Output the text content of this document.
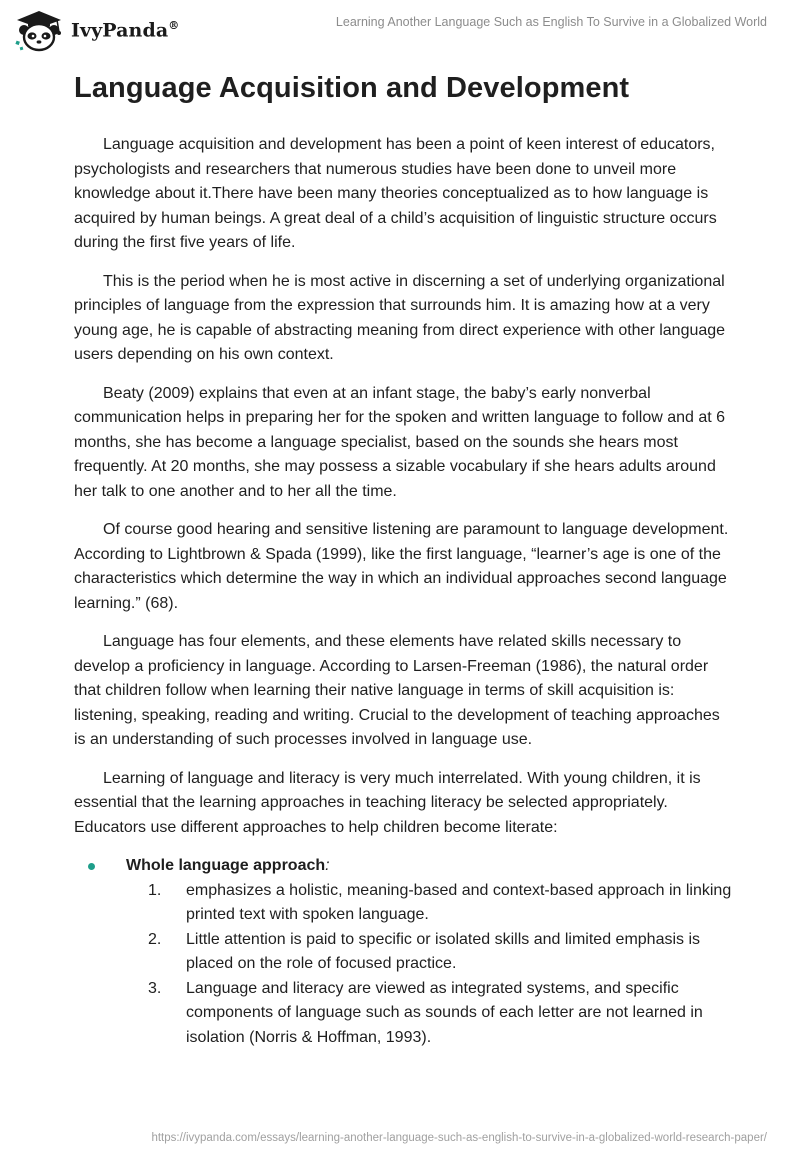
IvyPanda®	Learning Another Language Such as English To Survive in a Globalized World
Language Acquisition and Development

Language acquisition and development has been a point of keen interest of educators, psychologists and researchers that numerous studies have been done to unveil more knowledge about it.There have been many theories conceptualized as to how language is acquired by human beings. A great deal of a child’s acquisition of linguistic structure occurs during the first five years of life.

This is the period when he is most active in discerning a set of underlying organizational principles of language from the expression that surrounds him. It is amazing how at a very young age, he is capable of abstracting meaning from direct experience with other language users depending on his own context.

Beaty (2009) explains that even at an infant stage, the baby’s early nonverbal communication helps in preparing her for the spoken and written language to follow and at 6 months, she has become a language specialist, based on the sounds she hears most frequently. At 20 months, she may possess a sizable vocabulary if she hears adults around her talk to one another and to her all the time.

Of course good hearing and sensitive listening are paramount to language development. According to Lightbrown & Spada (1999), like the first language, “learner’s age is one of the characteristics which determine the way in which an individual approaches second language learning.” (68).

Language has four elements, and these elements have related skills necessary to develop a proficiency in language. According to Larsen-Freeman (1986), the natural order that children follow when learning their native language in terms of skill acquisition is: listening, speaking, reading and writing. Crucial to the development of teaching approaches is an understanding of such processes involved in language use.

Learning of language and literacy is very much interrelated. With young children, it is essential that the learning approaches in teaching literacy be selected appropriately. Educators use different approaches to help children become literate:

Whole language approach:
1. emphasizes a holistic, meaning-based and context-based approach in linking printed text with spoken language.
2. Little attention is paid to specific or isolated skills and limited emphasis is placed on the role of focused practice.
3. Language and literacy are viewed as integrated systems, and specific components of language such as sounds of each letter are not learned in isolation (Norris & Hoffman, 1993).
https://ivypanda.com/essays/learning-another-language-such-as-english-to-survive-in-a-globalized-world-research-paper/
